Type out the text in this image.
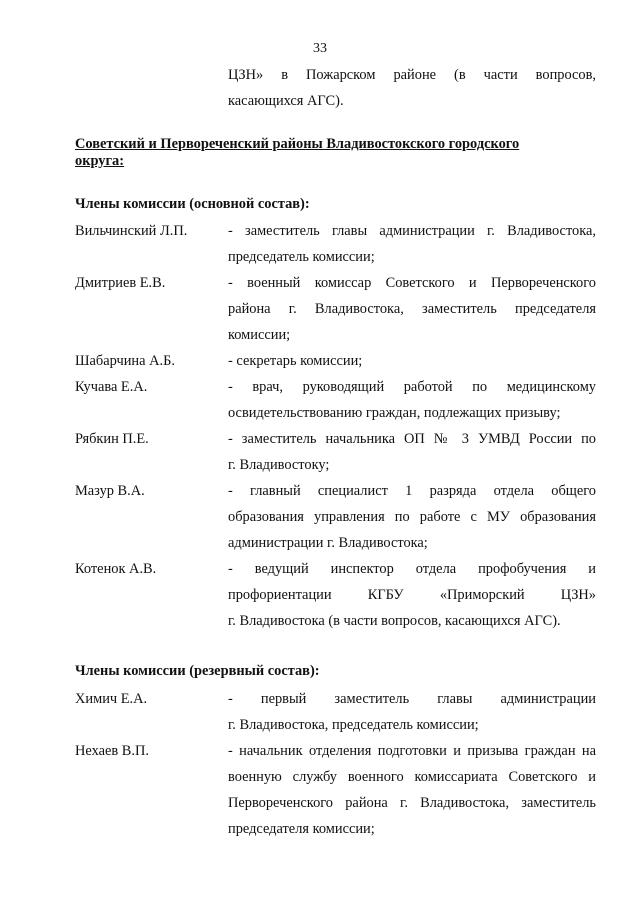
33
ЦЗН» в Пожарском районе (в части вопросов,
касающихся АГС).
Советский и Первореченский районы Владивостокского городского
округа:
Члены комиссии (основной состав):
Вильчинский Л.П.	- заместитель главы администрации г. Владивостока,
председатель комиссии;
Дмитриев Е.В.	- военный комиссар Советского и Первореченского
района г. Владивостока, заместитель председателя
комиссии;
Шабарчина А.Б.	- секретарь комиссии;
Кучава Е.А.	- врач, руководящий работой по медицинскому
освидетельствованию граждан, подлежащих призыву;
Рябкин П.Е.	- заместитель начальника ОП № 3 УМВД России по
г. Владивостоку;
Мазур В.А.	- главный специалист 1 разряда отдела общего
образования управления по работе с МУ образования
администрации г. Владивостока;
Котенок А.В.	- ведущий инспектор отдела профобучения и
профориентации КГБУ «Приморский ЦЗН»
г. Владивостока (в части вопросов, касающихся АГС).
Члены комиссии (резервный состав):
Химич Е.А.	- первый заместитель главы администрации
г. Владивостока, председатель комиссии;
Нехаев В.П.	- начальник отделения подготовки и призыва граждан на
военную службу военного комиссариата Советского и
Первореченского района г. Владивостока, заместитель
председателя комиссии;
